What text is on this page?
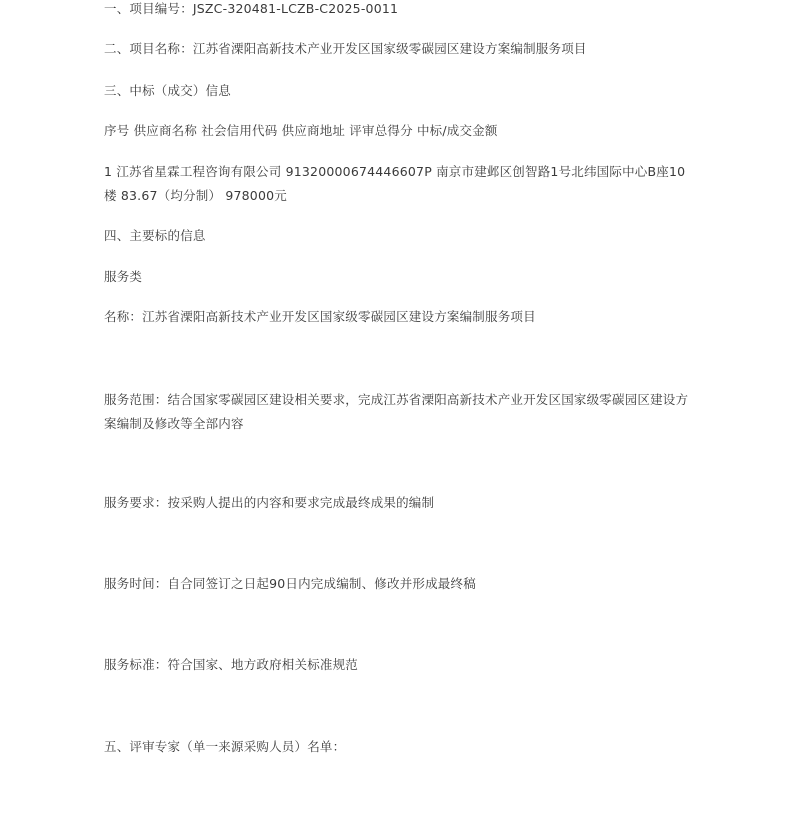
一、项目编号：JSZC-320481-LCZB-C2025-0011
二、项目名称：江苏省溧阳高新技术产业开发区国家级零碳园区建设方案编制服务项目
三、中标（成交）信息
序号 供应商名称 社会信用代码 供应商地址 评审总得分 中标/成交金额
1 江苏省星霖工程咨询有限公司 91320000674446607P 南京市建邺区创智路1号北纬国际中心B座10楼 83.67（均分制） 978000元
四、主要标的信息
服务类
名称：江苏省溧阳高新技术产业开发区国家级零碳园区建设方案编制服务项目
服务范围：结合国家零碳园区建设相关要求，完成江苏省溧阳高新技术产业开发区国家级零碳园区建设方案编制及修改等全部内容
服务要求：按采购人提出的内容和要求完成最终成果的编制
服务时间：自合同签订之日起90日内完成编制、修改并形成最终稿
服务标准：符合国家、地方政府相关标准规范
五、评审专家（单一来源采购人员）名单：
